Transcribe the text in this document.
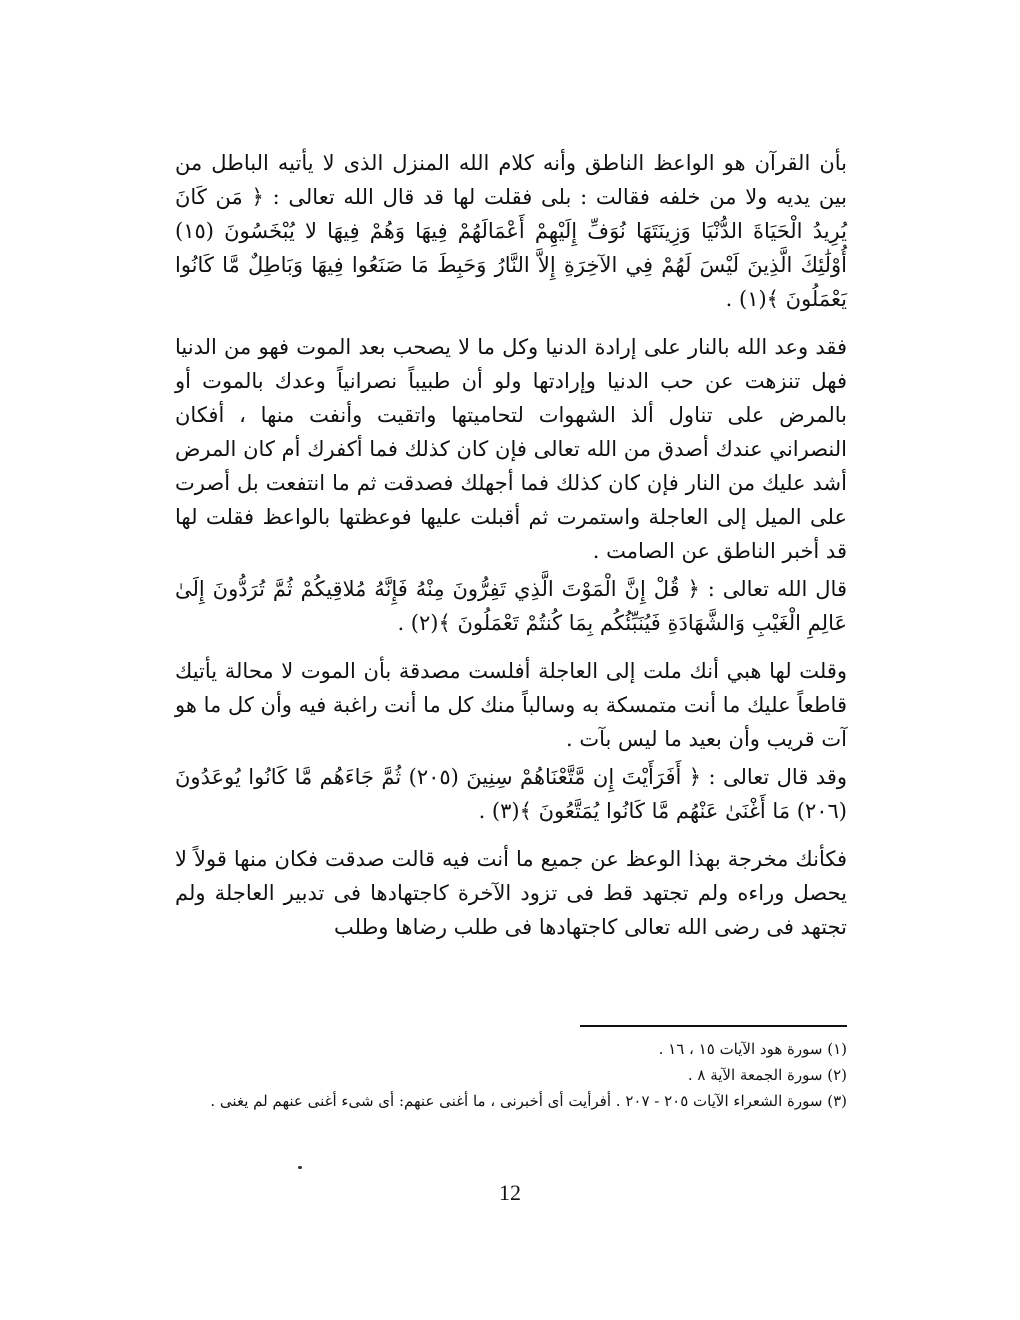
بأن القرآن هو الواعظ الناطق وأنه كلام الله المنزل الذى لا يأتيه الباطل من بين يديه ولا من خلفه فقالت : بلى فقلت لها قد قال الله تعالى : ﴿ مَن كَانَ يُرِيدُ الْحَيَاةَ الدُّنْيَا وَزِينَتَهَا نُوَفِّ إِلَيْهِمْ أَعْمَالَهُمْ فِيهَا وَهُمْ فِيهَا لا يُبْخَسُونَ (١٥) أُوْلَٰئِكَ الَّذِينَ لَيْسَ لَهُمْ فِي الآخِرَةِ إِلاَّ النَّارُ وَحَبِطَ مَا صَنَعُوا فِيهَا وَبَاطِلٌ مَّا كَانُوا يَعْمَلُونَ ﴾(١) .

فقد وعد الله بالنار على إرادة الدنيا وكل ما لا يصحب بعد الموت فهو من الدنيا فهل تنزهت عن حب الدنيا وإرادتها ولو أن طبيباً نصرانياً وعدك بالموت أو بالمرض على تناول ألذ الشهوات لتحاميتها واتقيت وأنفت منها ، أفكان النصراني عندك أصدق من الله تعالى فإن كان كذلك فما أكفرك أم كان المرض أشد عليك من النار فإن كان كذلك فما أجهلك فصدقت ثم ما انتفعت بل أصرت على الميل إلى العاجلة واستمرت ثم أقبلت عليها فوعظتها بالواعظ فقلت لها قد أخبر الناطق عن الصامت .

قال الله تعالى : ﴿ قُلْ إِنَّ الْمَوْتَ الَّذِي تَفِرُّونَ مِنْهُ فَإِنَّهُ مُلاقِيكُمْ ثُمَّ تُرَدُّونَ إِلَىٰ عَالِمِ الْغَيْبِ وَالشَّهَادَةِ فَيُنَبِّئُكُم بِمَا كُنتُمْ تَعْمَلُونَ ﴾(٢) .

وقلت لها هبي أنك ملت إلى العاجلة أفلست مصدقة بأن الموت لا محالة يأتيك قاطعاً عليك ما أنت متمسكة به وسالباً منك كل ما أنت راغبة فيه وأن كل ما هو آت قريب وأن بعيد ما ليس بآت .

وقد قال تعالى : ﴿ أَفَرَأَيْتَ إِن مَّتَّعْنَاهُمْ سِنِينَ (٢٠٥) ثُمَّ جَاءَهُم مَّا كَانُوا يُوعَدُونَ (٢٠٦) مَا أَغْنَىٰ عَنْهُم مَّا كَانُوا يُمَتَّعُونَ ﴾(٣) .

فكأنك مخرجة بهذا الوعظ عن جميع ما أنت فيه قالت صدقت فكان منها قولاً لا يحصل وراءه ولم تجتهد قط فى تزود الآخرة كاجتهادها فى تدبير العاجلة ولم تجتهد فى رضى الله تعالى كاجتهادها فى طلب رضاها وطلب

(١) سورة هود الآيات ١٥ ، ١٦ .

(٢) سورة الجمعة الآية ٨ .

(٣) سورة الشعراء الآيات ٢٠٥ - ٢٠٧ . أفرأيت أى أخبرنى ، ما أغنى عنهم: أى شىء أغنى عنهم لم يغنى .

12
